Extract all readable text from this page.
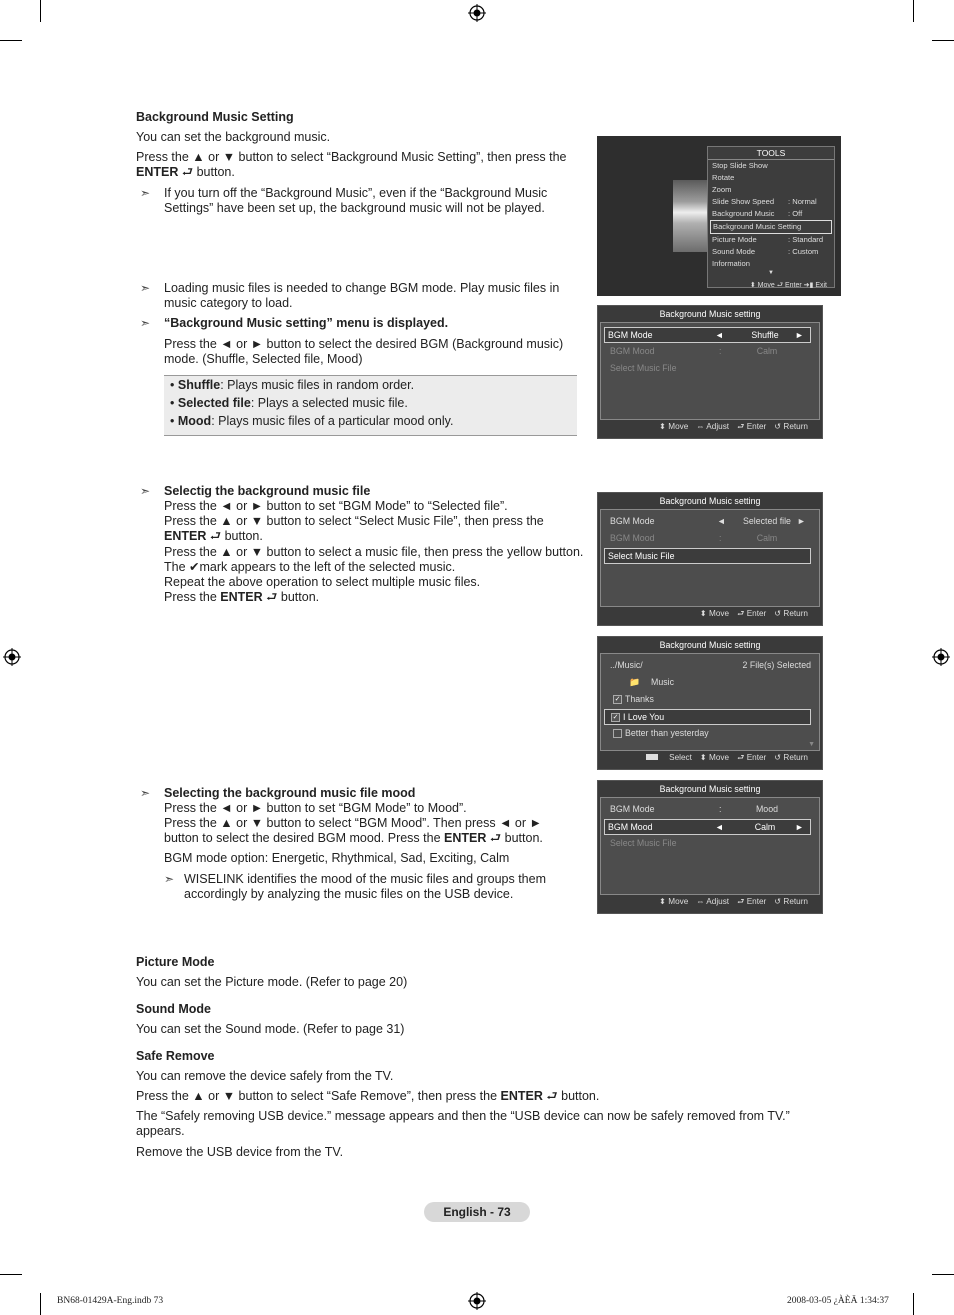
Background Music Setting
You can set the background music.
Press the ▲ or ▼ button to select “Background Music Setting”, then press the
ENTER ⮐ button.
➣ If you turn off the “Background Music”, even if the “Background Music Settings” have been set up, the background music will not be played.
➣ Loading music files is needed to change BGM mode. Play music files in music category to load.
➣ “Background Music setting” menu is displayed.
Press the ◄ or ► button to select the desired BGM (Background music) mode. (Shuffle, Selected file, Mood)
• Shuffle: Plays music files in random order.
• Selected file: Plays a selected music file.
• Mood: Plays music files of a particular mood only.
➣ Selectig the background music file
Press the ◄ or ► button to set “BGM Mode” to “Selected file”.
Press the ▲ or ▼ button to select “Select Music File”, then press the
ENTER ⮐ button.
Press the ▲ or ▼ button to select a music file, then press the yellow button.
The ✔mark appears to the left of the selected music.
Repeat the above operation to select multiple music files.
Press the ENTER ⮐ button.
➣ Selecting the background music file mood
Press the ◄ or ► button to set “BGM Mode” to Mood”.
Press the ▲ or ▼ button to select “BGM Mood”. Then press ◄ or ►
button to select the desired BGM mood. Press the ENTER ⮐ button.
BGM mode option: Energetic, Rhythmical, Sad, Exciting, Calm
➣ WISELINK identifies the mood of the music files and groups them accordingly by analyzing the music files on the USB device.
Picture Mode
You can set the Picture mode. (Refer to page 20)
Sound Mode
You can set the Sound mode. (Refer to page 31)
Safe Remove
You can remove the device safely from the TV.
Press the ▲ or ▼ button to select “Safe Remove”, then press the ENTER ⮐ button.
The “Safely removing USB device.” message appears and then the “USB device can now be safely removed from TV.” appears.
Remove the USB device from the TV.
English - 73
BN68-01429A-Eng.indb 73	2008-03-05 ¿ÀÈÄ 1:34:37
TOOLS
Stop Slide Show
Rotate
Zoom
Slide Show Speed : Normal
Background Music : Off
Background Music Setting
Picture Mode	: Standard
Sound Mode	: Custom
Information
▼
⬍ Move ⮐ Enter ➜▮ Exit
Background Music setting
BGM Mode	◄	Shuffle	►
BGM Mood	:	Calm
Select Music File
⬍ Move ⇔ Adjust ⮐ Enter ↺ Return
Background Music setting
BGM Mode	◄	Selected file ►
BGM Mood	:	Calm
Select Music File
⬍ Move ⮐ Enter ↺ Return
Background Music setting
../Music/	2 File(s) Selected
📁 Music
✓ Thanks
✓ I Love You
Better than yesterday
▼
Select ⬍ Move ⮐ Enter ↺ Return
Background Music setting
BGM Mode	:	Mood
BGM Mood	◄	Calm	►
Select Music File
⬍ Move ⇔ Adjust ⮐ Enter ↺ Return
